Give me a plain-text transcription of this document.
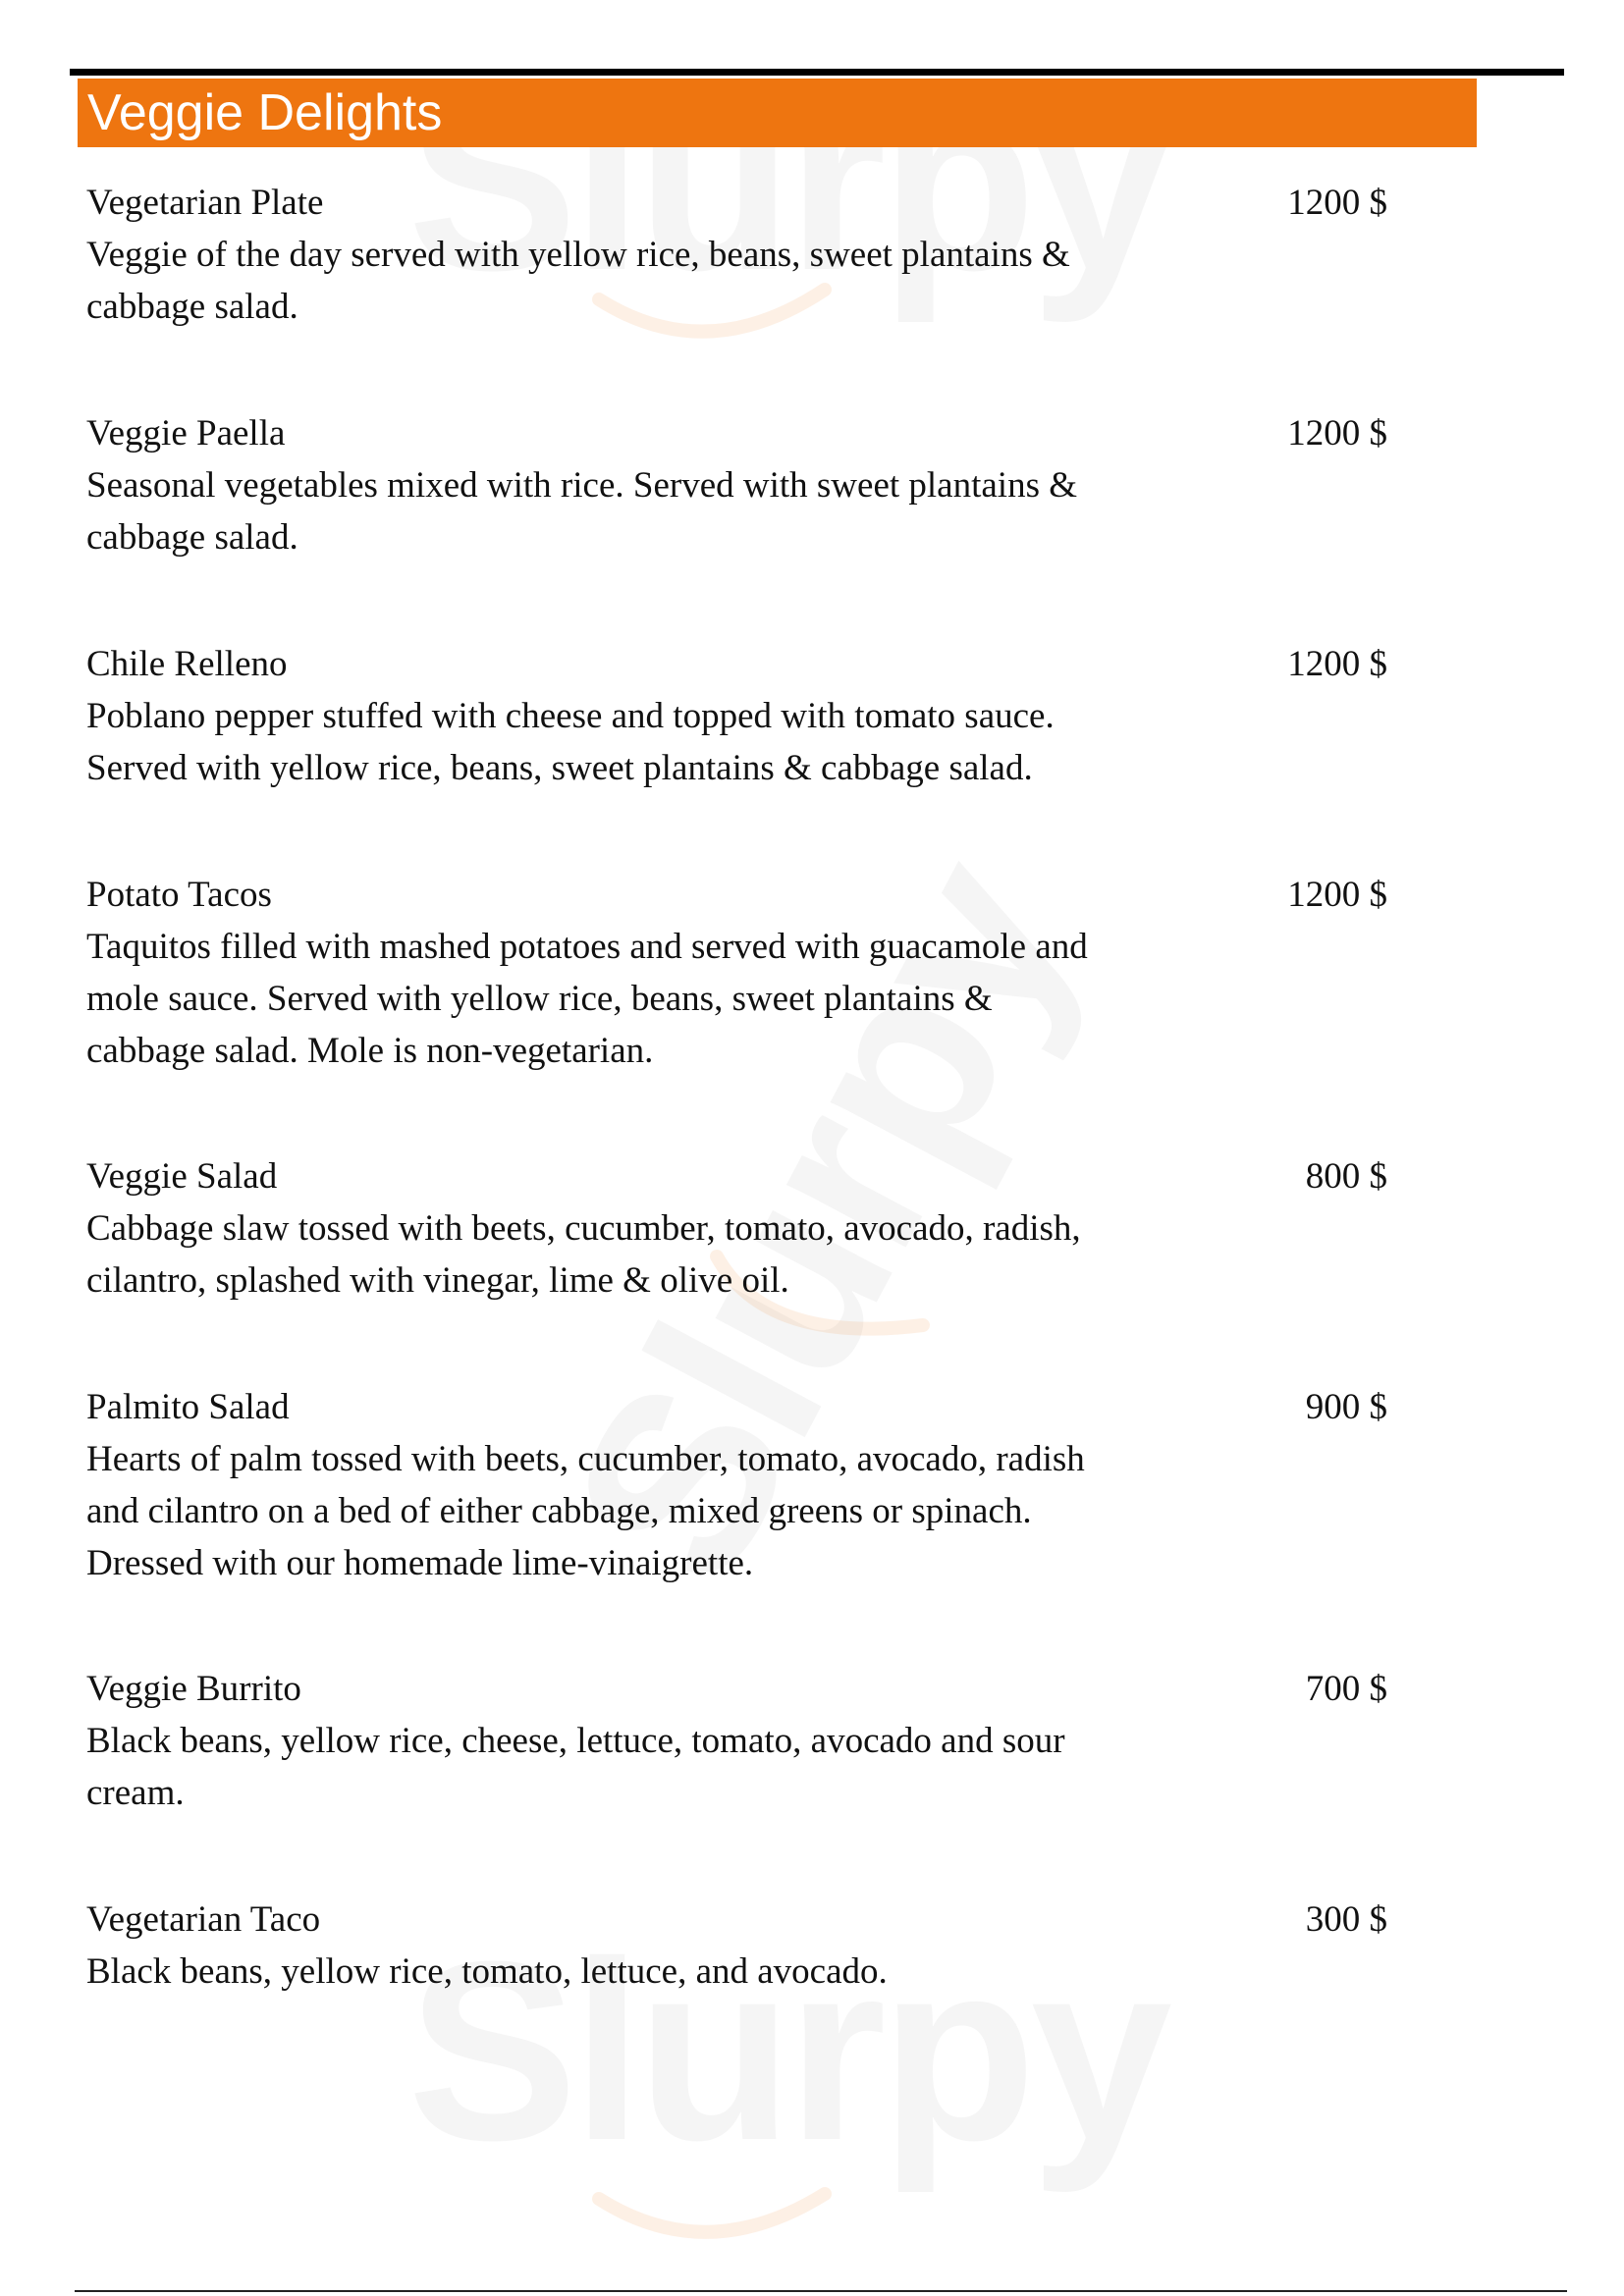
Veggie Delights
Vegetarian Plate	1200 $
Veggie of the day served with yellow rice, beans, sweet plantains &
cabbage salad.
Veggie Paella	1200 $
Seasonal vegetables mixed with rice. Served with sweet plantains &
cabbage salad.
Chile Relleno	1200 $
Poblano pepper stuffed with cheese and topped with tomato sauce.
Served with yellow rice, beans, sweet plantains & cabbage salad.
Potato Tacos	1200 $
Taquitos filled with mashed potatoes and served with guacamole and
mole sauce. Served with yellow rice, beans, sweet plantains &
cabbage salad. Mole is non-vegetarian.
Veggie Salad	800 $
Cabbage slaw tossed with beets, cucumber, tomato, avocado, radish,
cilantro, splashed with vinegar, lime & olive oil.
Palmito Salad	900 $
Hearts of palm tossed with beets, cucumber, tomato, avocado, radish
and cilantro on a bed of either cabbage, mixed greens or spinach.
Dressed with our homemade lime-vinaigrette.
Veggie Burrito	700 $
Black beans, yellow rice, cheese, lettuce, tomato, avocado and sour
cream.
Vegetarian Taco	300 $
Black beans, yellow rice, tomato, lettuce, and avocado.
